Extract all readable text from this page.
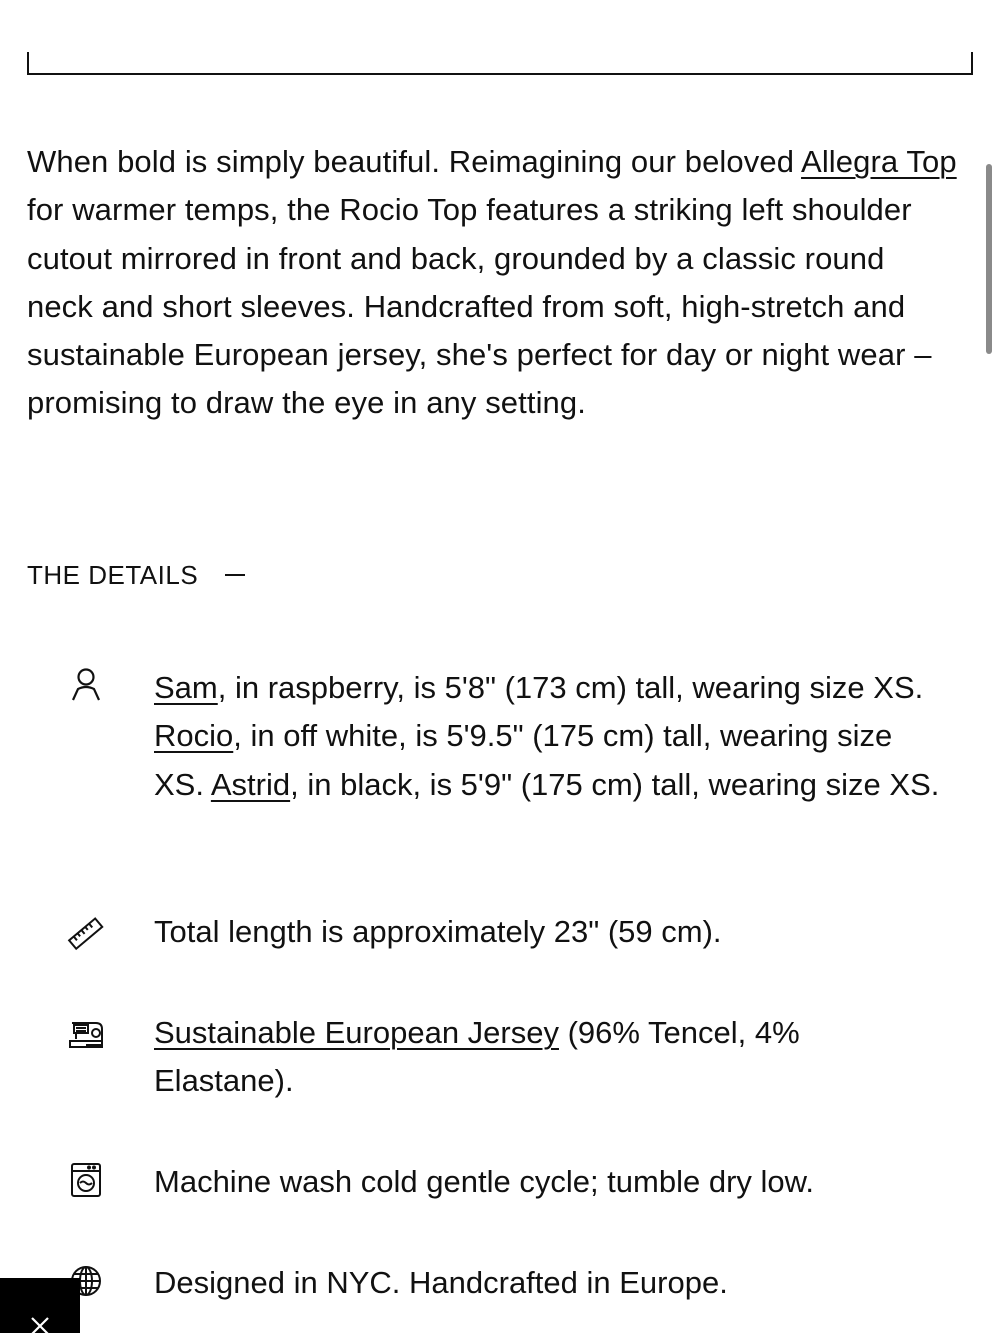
When bold is simply beautiful. Reimagining our beloved Allegra Top for warmer temps, the Rocio Top features a striking left shoulder cutout mirrored in front and back, grounded by a classic round neck and short sleeves. Handcrafted from soft, high-stretch and sustainable European jersey, she's perfect for day or night wear – promising to draw the eye in any setting.

THE DETAILS

Sam, in raspberry, is 5'8" (173 cm) tall, wearing size XS. Rocio, in off white, is 5'9.5" (175 cm) tall, wearing size XS. Astrid, in black, is 5'9" (175 cm) tall, wearing size XS.

Total length is approximately 23" (59 cm).

Sustainable European Jersey (96% Tencel, 4% Elastane).

Machine wash cold gentle cycle; tumble dry low.

Designed in NYC. Handcrafted in Europe.
